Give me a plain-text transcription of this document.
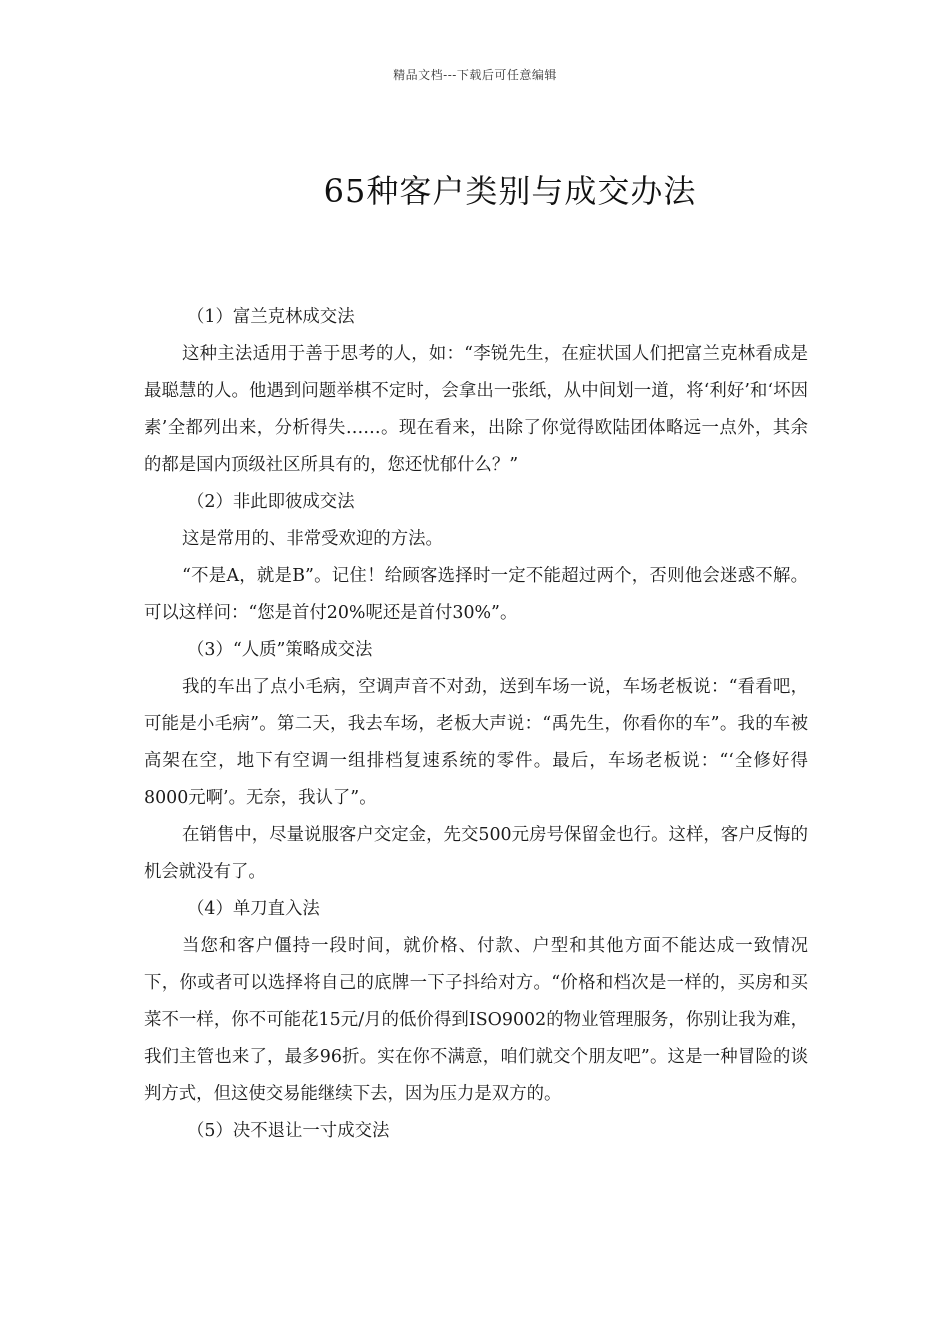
精品文档---下载后可任意编辑
65种客户类别与成交办法

（1）富兰克林成交法

这种主法适用于善于思考的人，如：“李锐先生，在症状国人们把富兰克林看成是最聪慧的人。他遇到问题举棋不定时，会拿出一张纸，从中间划一道，将‘利好’和‘坏因素’全都列出来，分析得失……。现在看来，出除了你觉得欧陆团体略远一点外，其余的都是国内顶级社区所具有的，您还忧郁什么？”

（2）非此即彼成交法

这是常用的、非常受欢迎的方法。

“不是A，就是B”。记住！给顾客选择时一定不能超过两个，否则他会迷惑不解。可以这样问：“您是首付20%呢还是首付30%”。

（3）“人质”策略成交法

我的车出了点小毛病，空调声音不对劲，送到车场一说，车场老板说：“看看吧，可能是小毛病”。第二天，我去车场，老板大声说：“禹先生，你看你的车”。我的车被高架在空，地下有空调一组排档复速系统的零件。最后，车场老板说：“‘全修好得8000元啊’。无奈，我认了”。

在销售中，尽量说服客户交定金，先交500元房号保留金也行。这样，客户反悔的机会就没有了。

（4）单刀直入法

当您和客户僵持一段时间，就价格、付款、户型和其他方面不能达成一致情况下，你或者可以选择将自己的底牌一下子抖给对方。“价格和档次是一样的，买房和买菜不一样，你不可能花15元/月的低价得到ISO9002的物业管理服务，你别让我为难，我们主管也来了，最多96折。实在你不满意，咱们就交个朋友吧”。这是一种冒险的谈判方式，但这使交易能继续下去，因为压力是双方的。

（5）决不退让一寸成交法
